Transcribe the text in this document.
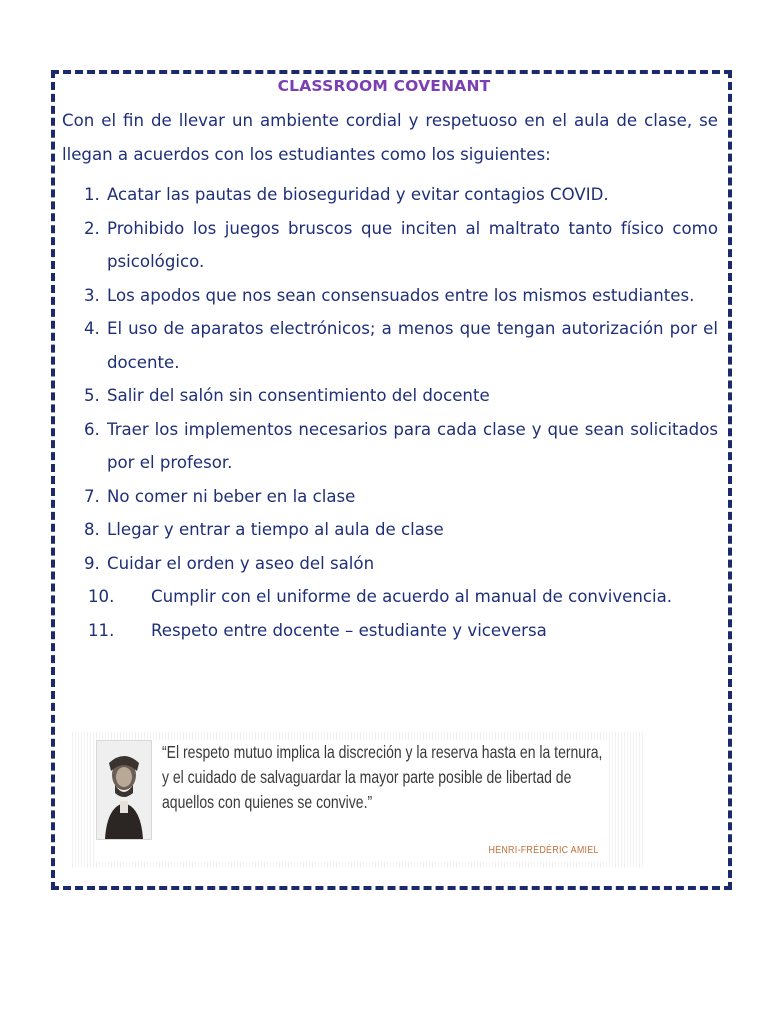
CLASSROOM COVENANT
Con el fin de llevar un ambiente cordial y respetuoso en el aula de clase, se llegan a acuerdos con los estudiantes como los siguientes:
1. Acatar las pautas de bioseguridad y evitar contagios COVID.
2. Prohibido los juegos bruscos que inciten al maltrato tanto físico como psicológico.
3. Los apodos que nos sean consensuados entre los mismos estudiantes.
4. El uso de aparatos electrónicos; a menos que tengan autorización por el docente.
5. Salir del salón sin consentimiento del docente
6. Traer los implementos necesarios para cada clase y que sean solicitados por el profesor.
7. No comer ni beber en la clase
8. Llegar y entrar a tiempo al aula de clase
9. Cuidar el orden y aseo del salón
10. Cumplir con el uniforme de acuerdo al manual de convivencia.
11. Respeto entre docente – estudiante y viceversa
“El respeto mutuo implica la discreción y la reserva hasta en la ternura, y el cuidado de salvaguardar la mayor parte posible de libertad de aquellos con quienes se convive.”
HENRI-FRÉDÉRIC AMIEL
